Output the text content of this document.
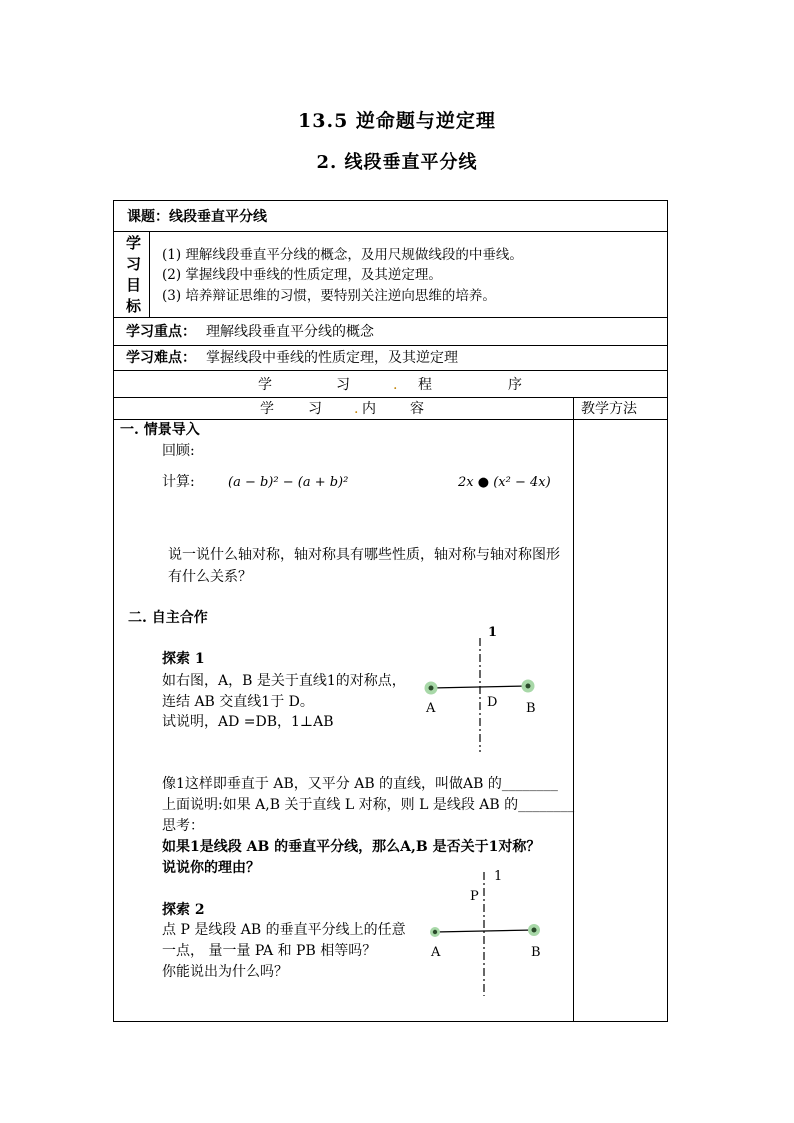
13.5 逆命题与逆定理
2. 线段垂直平分线
课题： 线段垂直平分线
学
习
目
标
(1) 理解线段垂直平分线的概念，及用尺规做线段的中垂线。
(2) 掌握线段中垂线的性质定理，及其逆定理。
(3) 培养辩证思维的习惯，要特别关注逆向思维的培养。
学习重点： 理解线段垂直平分线的概念
学习难点： 掌握线段中垂线的性质定理，及其逆定理
学	习	. 程	序
学 习 . 内 容	教学方法
一. 情景导入
回顾:
计算:	(a − b)² − (a + b)²	2x ● (x² − 4x)
说一说什么轴对称，轴对称具有哪些性质，轴对称与轴对称图形
有什么关系？
二. 自主合作
探索 1
如右图，A，B 是关于直线1的对称点，
连结 AB 交直线1于 D。
试说明，AD =DB，1⊥AB
像1这样即垂直于 AB，又平分 AB 的直线，叫做AB 的________
上面说明:如果 A,B 关于直线 L 对称，则 L 是线段 AB 的________
思考：
如果1是线段 AB 的垂直平分线，那么A,B 是否关于1对称？
说说你的理由？
探索 2
点 P 是线段 AB 的垂直平分线上的任意
一点， 量一量 PA 和 PB 相等吗？
你能说出为什么吗？
1
A	D B
1
P
A	B
